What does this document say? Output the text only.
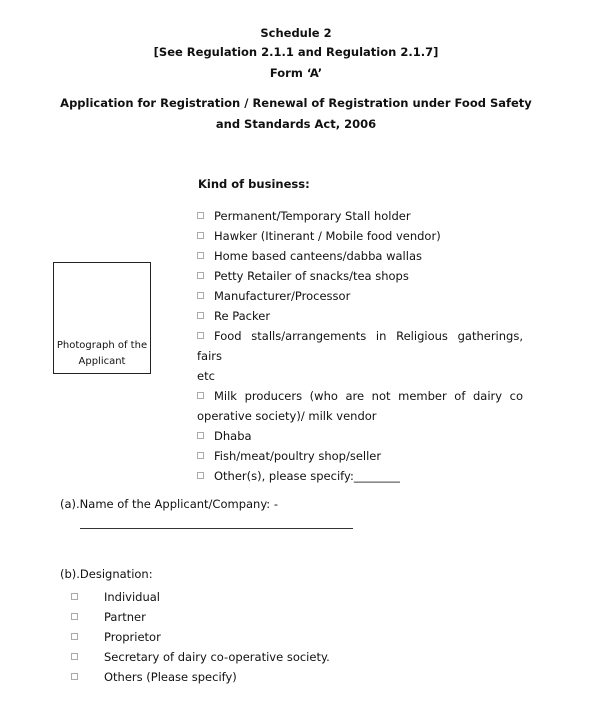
Schedule 2
[See Regulation 2.1.1 and Regulation 2.1.7]
Form ‘A’
Application for Registration / Renewal of Registration under Food Safety
and Standards Act, 2006
Photograph of the
Applicant
Kind of business:
Permanent/Temporary Stall holder
Hawker (Itinerant / Mobile food vendor)
Home based canteens/dabba wallas
Petty Retailer of snacks/tea shops
Manufacturer/Processor
Re Packer
Food stalls/arrangements in Religious gatherings, fairs
etc
Milk producers (who are not member of dairy co
operative society)/ milk vendor
Dhaba
Fish/meat/poultry shop/seller
Other(s), please specify:________
(a).Name of the Applicant/Company: -
(b).Designation:
Individual
Partner
Proprietor
Secretary of dairy co-operative society.
Others (Please specify)
